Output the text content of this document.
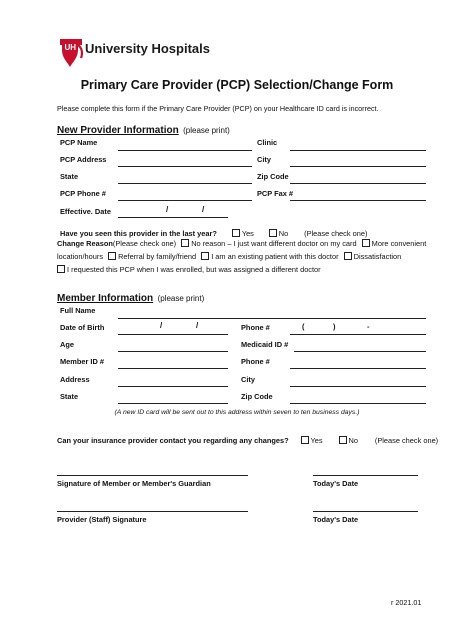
UH University Hospitals
Primary Care Provider (PCP) Selection/Change Form
Please complete this form if the Primary Care Provider (PCP) on your Healthcare ID card is incorrect.
New Provider Information (please print)
PCP Name	Clinic
PCP Address	City
State	Zip Code
PCP Phone #	PCP Fax #
Effective. Date	/	/
Have you seen this provider in the last year?	Yes	No (Please check one)
Change Reason(Please check one) No reason – I just want different doctor on my card More convenient
location/hours Referral by family/friend I am an existing patient with this doctor Dissatisfaction
I requested this PCP when I was enrolled, but was assigned a different doctor
Member Information (please print)
Full Name
Date of Birth	/	/	Phone #	(	)	-
Age	Medicaid ID #
Member ID #	Phone #
Address	City
State	Zip Code
(A new ID card will be sent out to this address within seven to ten business days.)
Can your insurance provider contact you regarding any changes?	Yes	No (Please check one)
Signature of Member or Member's Guardian	Today's Date
Provider (Staff) Signature	Today's Date
r 2021.01
